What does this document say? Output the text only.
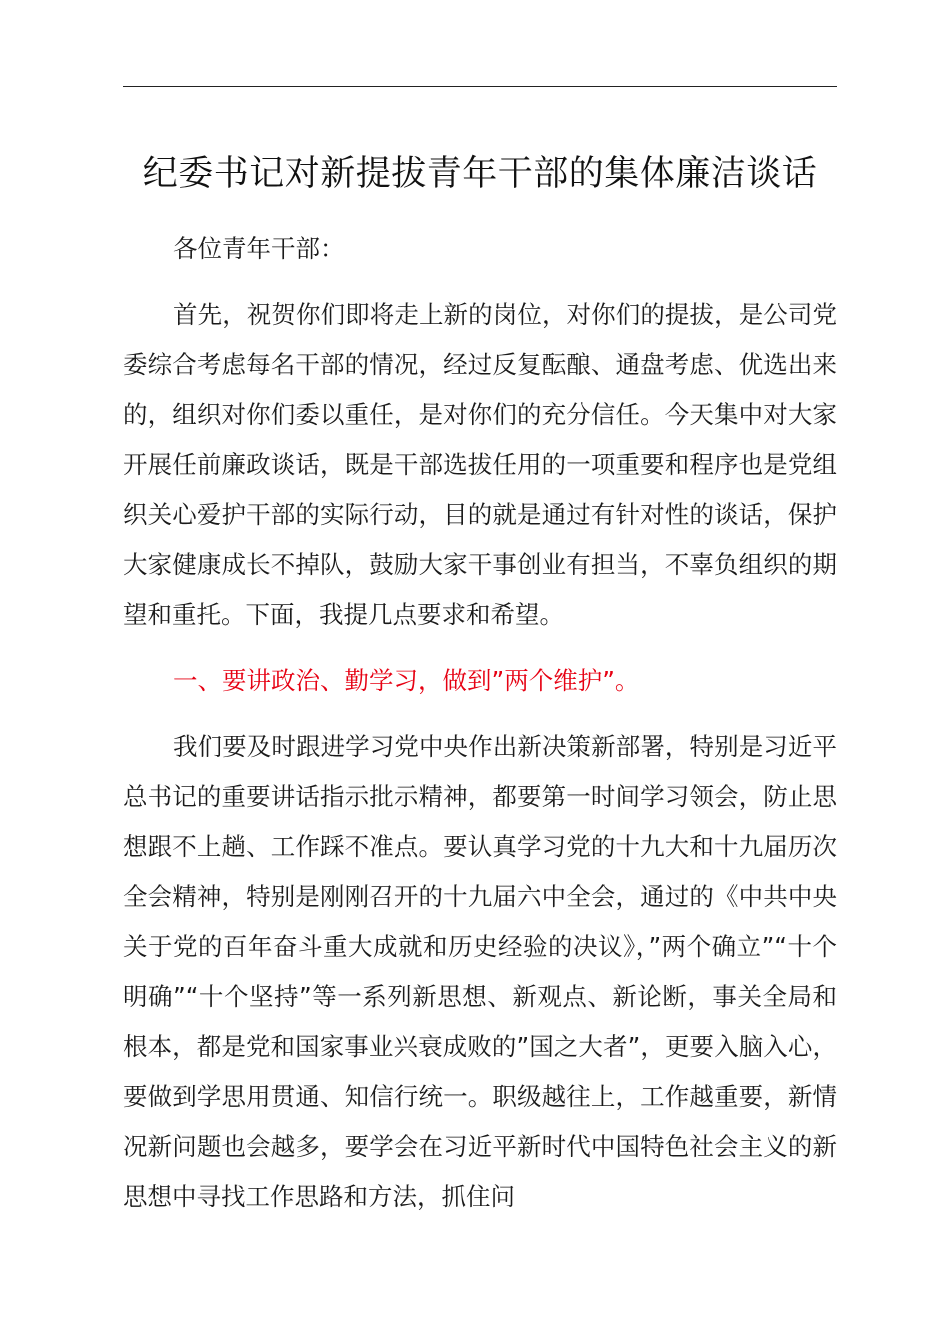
纪委书记对新提拔青年干部的集体廉洁谈话

各位青年干部：

首先，祝贺你们即将走上新的岗位，对你们的提拔，是公司党委综合考虑每名干部的情况，经过反复酝酿、通盘考虑、优选出来的，组织对你们委以重任，是对你们的充分信任。今天集中对大家开展任前廉政谈话，既是干部选拔任用的一项重要和程序也是党组织关心爱护干部的实际行动，目的就是通过有针对性的谈话，保护大家健康成长不掉队，鼓励大家干事创业有担当，不辜负组织的期望和重托。下面，我提几点要求和希望。

一、要讲政治、勤学习，做到”两个维护”。

我们要及时跟进学习党中央作出新决策新部署，特别是习近平总书记的重要讲话指示批示精神，都要第一时间学习领会，防止思想跟不上趟、工作踩不准点。要认真学习党的十九大和十九届历次全会精神，特别是刚刚召开的十九届六中全会，通过的《中共中央关于党的百年奋斗重大成就和历史经验的决议》，”两个确立”“十个明确”“十个坚持”等一系列新思想、新观点、新论断，事关全局和根本，都是党和国家事业兴衰成败的”国之大者”，更要入脑入心，要做到学思用贯通、知信行统一。职级越往上，工作越重要，新情况新问题也会越多，要学会在习近平新时代中国特色社会主义的新思想中寻找工作思路和方法，抓住问
